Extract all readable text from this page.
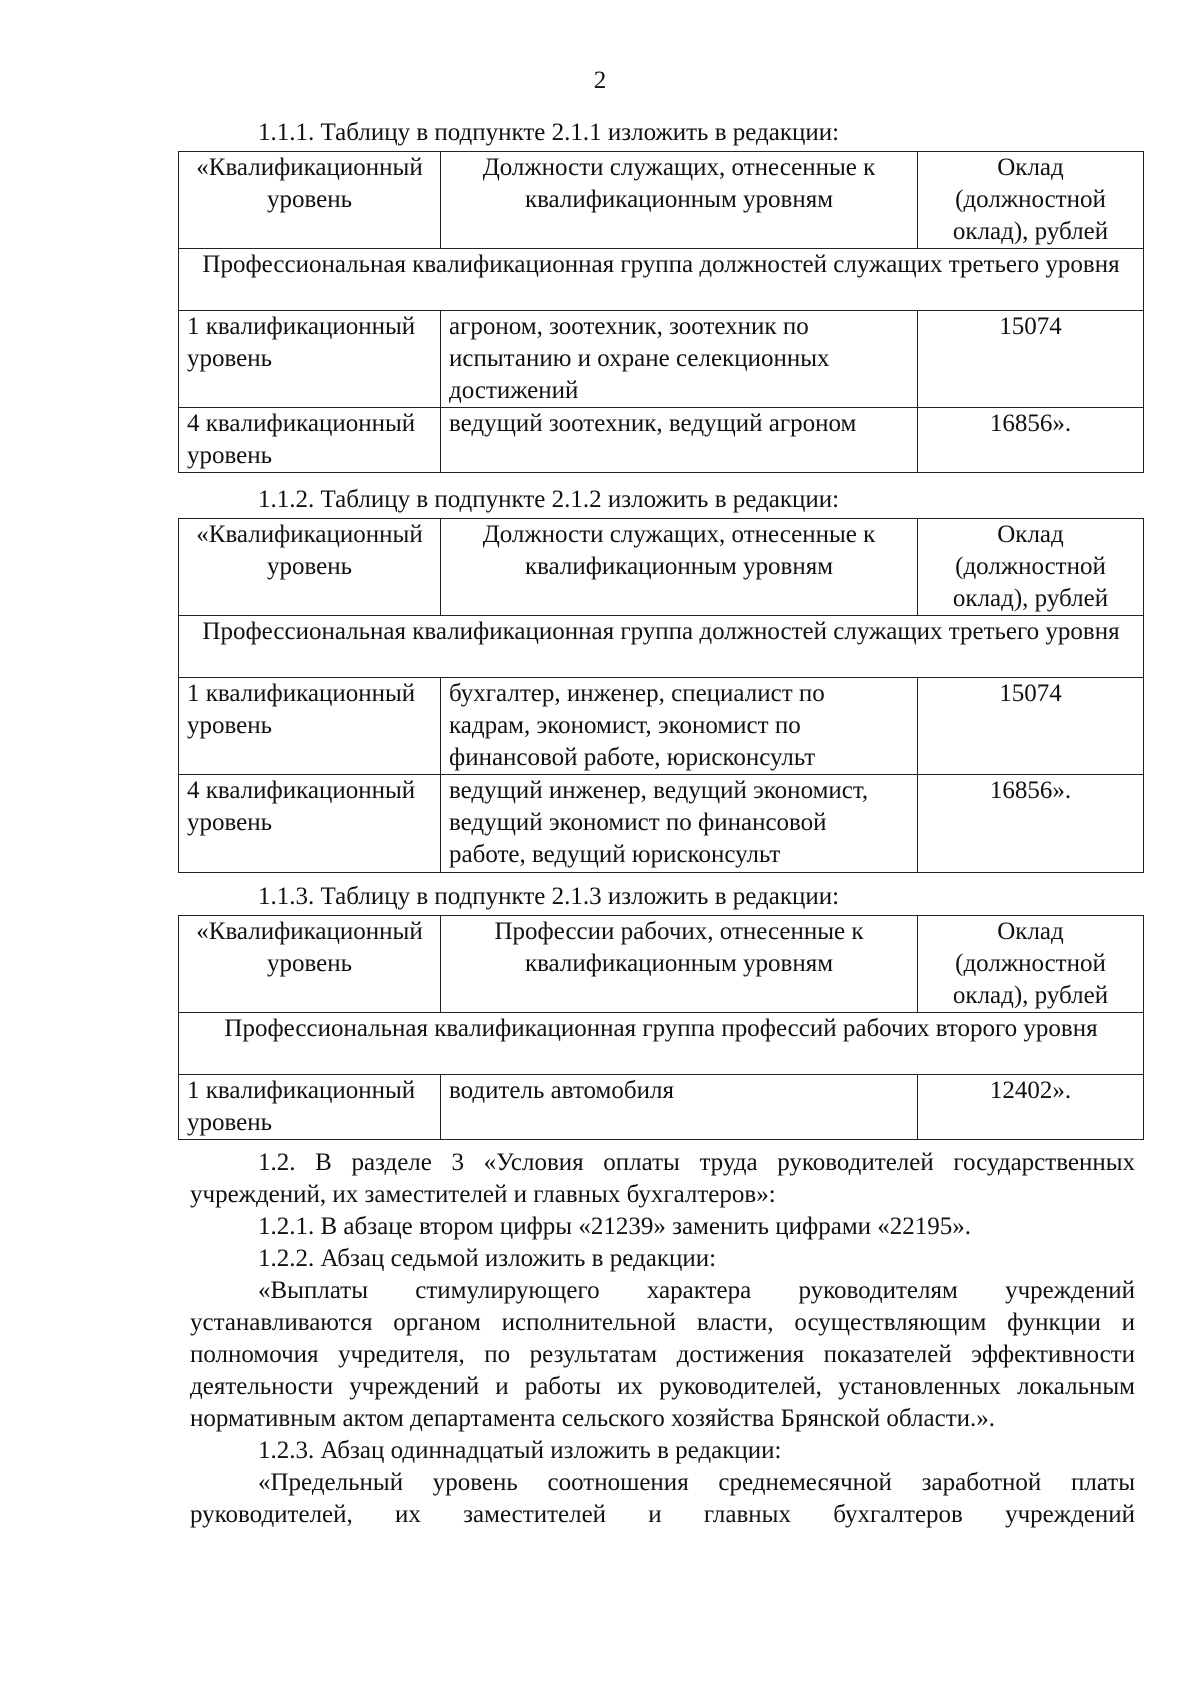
2
1.1.1. Таблицу в подпункте 2.1.1 изложить в редакции:
«Квалификационный уровень	Должности служащих, отнесенные к квалификационным уровням	Оклад (должностной оклад), рублей
Профессиональная квалификационная группа должностей служащих третьего уровня		
1 квалификационный уровень	агроном, зоотехник, зоотехник по испытанию и охране селекционных достижений	15074
4 квалификационный уровень	ведущий зоотехник, ведущий агроном	16856».
1.1.2. Таблицу в подпункте 2.1.2 изложить в редакции:
«Квалификационный уровень	Должности служащих, отнесенные к квалификационным уровням	Оклад (должностной оклад), рублей
Профессиональная квалификационная группа должностей служащих третьего уровня		
1 квалификационный уровень	бухгалтер, инженер, специалист по кадрам, экономист, экономист по финансовой работе, юрисконсульт	15074
4 квалификационный уровень	ведущий инженер, ведущий экономист, ведущий экономист по финансовой работе, ведущий юрисконсульт	16856».
1.1.3. Таблицу в подпункте 2.1.3 изложить в редакции:
«Квалификационный уровень	Профессии рабочих, отнесенные к квалификационным уровням	Оклад (должностной оклад), рублей
Профессиональная квалификационная группа профессий рабочих второго уровня		
1 квалификационный уровень	водитель автомобиля	12402».

1.2. В разделе 3 «Условия оплаты труда руководителей государственных учреждений, их заместителей и главных бухгалтеров»:

1.2.1. В абзаце втором цифры «21239» заменить цифрами «22195».

1.2.2. Абзац седьмой изложить в редакции:

«Выплаты стимулирующего характера руководителям учреждений устанавливаются органом исполнительной власти, осуществляющим функции и полномочия учредителя, по результатам достижения показателей эффективности деятельности учреждений и работы их руководителей, установленных локальным нормативным актом департамента сельского хозяйства Брянской области.».

1.2.3. Абзац одиннадцатый изложить в редакции:

«Предельный уровень соотношения среднемесячной заработной платы руководителей, их заместителей и главных бухгалтеров учреждений
